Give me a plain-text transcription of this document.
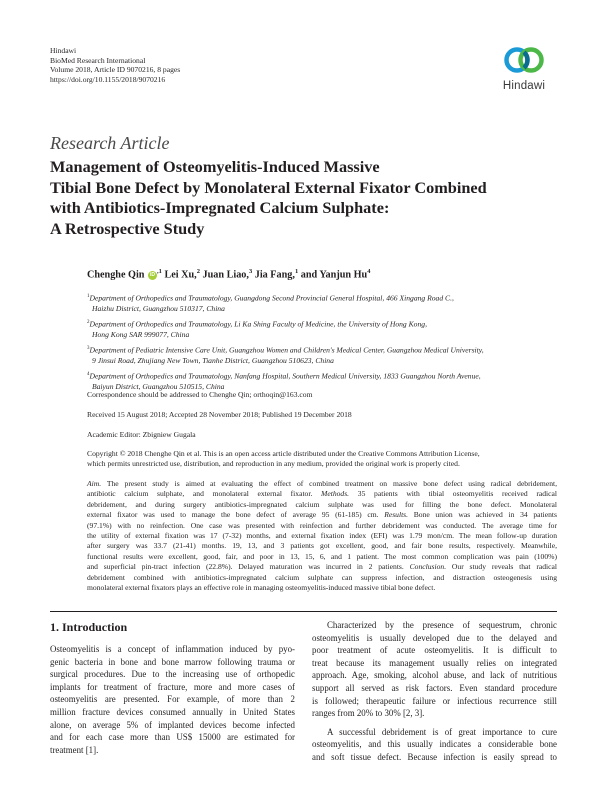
Hindawi
BioMed Research International
Volume 2018, Article ID 9070216, 8 pages
https://doi.org/10.1155/2018/9070216
Hindawi
Research Article
Management of Osteomyelitis-Induced Massive
Tibial Bone Defect by Monolateral External Fixator Combined
with Antibiotics-Impregnated Calcium Sulphate:
A Retrospective Study
Chenghe Qin $iD^{,1}$ Lei Xu,$^2$ Juan Liao,$^3$ Jia Fang,$^1$ and Yanjun Hu$^4$
$^1$Department of Orthopedics and Traumatology, Guangdong Second Provincial General Hospital, 466 Xingang Road C.,
Haizhu District, Guangzhou 510317, China
$^2$Department of Orthopedics and Traumatology, Li Ka Shing Faculty of Medicine, the University of Hong Kong,
Hong Kong SAR 999077, China
$^3$Department of Pediatric Intensive Care Unit, Guangzhou Women and Children's Medical Center, Guangzhou Medical University,
9 Jinsui Road, Zhujiang New Town, Tianhe District, Guangzhou 510623, China
$^4$Department of Orthopedics and Traumatology, Nanfang Hospital, Southern Medical University, 1833 Guangzhou North Avenue,
Baiyun District, Guangzhou 510515, China
Correspondence should be addressed to Chenghe Qin; orthoqin@163.com
Received 15 August 2018; Accepted 28 November 2018; Published 19 December 2018
Academic Editor: Zbigniew Gugala
Copyright © 2018 Chenghe Qin et al. This is an open access article distributed under the Creative Commons Attribution License,
which permits unrestricted use, distribution, and reproduction in any medium, provided the original work is properly cited.
Aim. The present study is aimed at evaluating the effect of combined treatment on massive bone defect using radical debridement,
antibiotic calcium sulphate, and monolateral external fixator. Methods. 35 patients with tibial osteomyelitis received radical
debridement, and during surgery antibiotics-impregnated calcium sulphate was used for filling the bone defect. Monolateral
external fixator was used to manage the bone defect of average 95 (61-185) cm. Results. Bone union was achieved in 34 patients
(97.1%) with no reinfection. One case was presented with reinfection and further debridement was conducted. The average time for
the utility of external fixation was 17 (7-32) months, and external fixation index (EFI) was 1.79 mon/cm. The mean follow-up duration
after surgery was 33.7 (21-41) months. 19, 13, and 3 patients got excellent, good, and fair bone results, respectively. Meanwhile,
functional results were excellent, good, fair, and poor in 13, 15, 6, and 1 patient. The most common complication was pain (100%)
and superficial pin-tract infection (22.8%). Delayed maturation was incurred in 2 patients. Conclusion. Our study reveals that radical
debridement combined with antibiotics-impregnated calcium sulphate can suppress infection, and distraction osteogenesis using
monolateral external fixators plays an effective role in managing osteomyelitis-induced massive tibial bone defect.
1. Introduction
Osteomyelitis is a concept of inflammation induced by pyo-
genic bacteria in bone and bone marrow following trauma or
surgical procedures. Due to the increasing use of orthopedic
implants for treatment of fracture, more and more cases of
osteomyelitis are presented. For example, of more than 2
million fracture devices consumed annually in United States
alone, on average 5% of implanted devices become infected
and for each case more than US$ 15000 are estimated for
treatment [1].
Characterized by the presence of sequestrum, chronic
osteomyelitis is usually developed due to the delayed and
poor treatment of acute osteomyelitis. It is difficult to
treat because its management usually relies on integrated
approach. Age, smoking, alcohol abuse, and lack of nutritious
support all served as risk factors. Even standard procedure
is followed; therapeutic failure or infectious recurrence still
ranges from 20% to 30% [2, 3].
A successful debridement is of great importance to cure
osteomyelitis, and this usually indicates a considerable bone
and soft tissue defect. Because infection is easily spread to
